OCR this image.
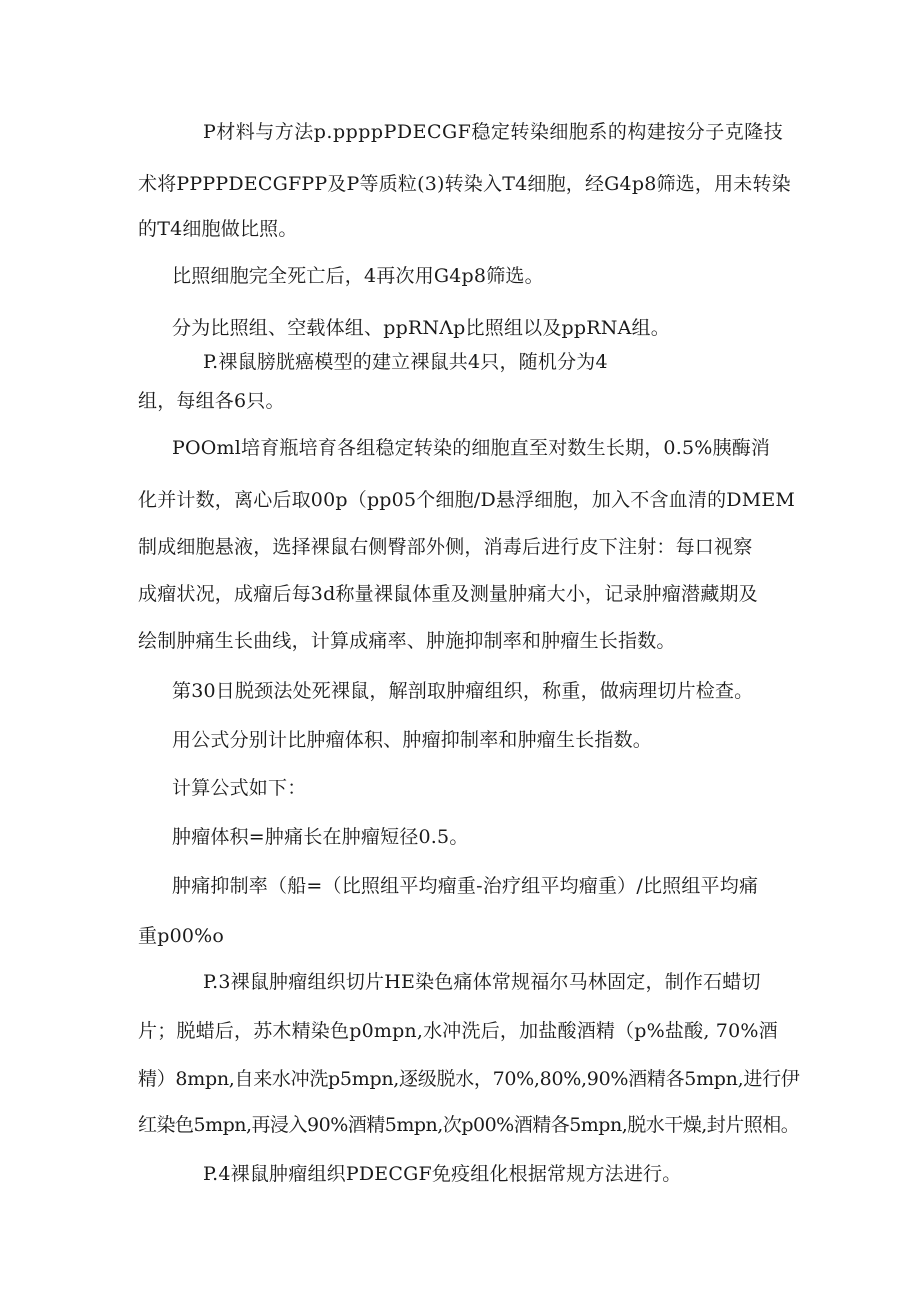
P材料与方法p.ppppPDECGF稳定转染细胞系的构建按分子克隆技
术将PPPPDECGFPP及P等质粒(3)转染入T4细胞，经G4p8筛选，用未转染
的T4细胞做比照。
比照细胞完全死亡后，4再次用G4p8筛选。
分为比照组、空载体组、ppRNΛp比照组以及ppRNA组。
P.裸鼠膀胱癌模型的建立裸鼠共4只，随机分为4
组，每组各6只。
POOml培育瓶培育各组稳定转染的细胞直至对数生长期，0.5%胰酶消
化并计数，离心后取00p（pp05个细胞/D悬浮细胞，加入不含血清的DMEM
制成细胞悬液，选择裸鼠右侧臀部外侧，消毒后进行皮下注射：每口视察
成瘤状况，成瘤后每3d称量裸鼠体重及测量肿痛大小，记录肿瘤潜藏期及
绘制肿痛生长曲线，计算成痛率、肿施抑制率和肿瘤生长指数。
第30日脱颈法处死裸鼠，解剖取肿瘤组织，称重，做病理切片检查。
用公式分别计比肿瘤体积、肿瘤抑制率和肿瘤生长指数。
计算公式如下：
肿瘤体积=肿痛长在肿瘤短径0.5。
肿痛抑制率（船=（比照组平均瘤重-治疗组平均瘤重）/比照组平均痛
重p00%o
P.3裸鼠肿瘤组织切片HE染色痛体常规福尔马林固定，制作石蜡切
片；脱蜡后，苏木精染色p0mpn,水冲洗后，加盐酸酒精（p%盐酸, 70%酒
精）8mpn,自来水冲洗p5mpn,逐级脱水，70%,80%,90%酒精各5mpn,进行伊
红染色5mpn,再浸入90%酒精5mpn,次p00%酒精各5mpn,脱水干燥,封片照相。
P.4裸鼠肿瘤组织PDECGF免疫组化根据常规方法进行。
